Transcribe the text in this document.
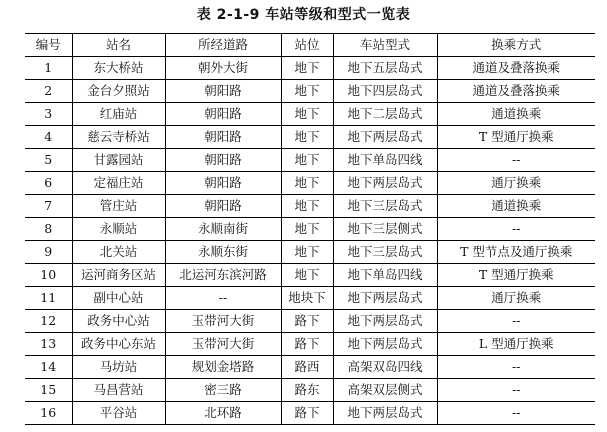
表 2-1-9 车站等级和型式一览表
编号	站名	所经道路	站位	车站型式	换乘方式
1	东大桥站	朝外大街	地下	地下五层岛式	通道及叠落换乘
2	金台夕照站	朝阳路	地下	地下四层岛式	通道及叠落换乘
3	红庙站	朝阳路	地下	地下二层岛式	通道换乘
4	慈云寺桥站	朝阳路	地下	地下两层岛式	T 型通厅换乘
5	甘露园站	朝阳路	地下	地下单岛四线	--
6	定福庄站	朝阳路	地下	地下两层岛式	通厅换乘
7	管庄站	朝阳路	地下	地下三层岛式	通道换乘
8	永顺站	永顺南街	地下	地下三层侧式	--
9	北关站	永顺东街	地下	地下三层岛式	T 型节点及通厅换乘
10	运河商务区站	北运河东滨河路	地下	地下单岛四线	T 型通厅换乘
11	副中心站	--	地块下	地下两层岛式	通厅换乘
12	政务中心站	玉带河大街	路下	地下两层岛式	--
13	政务中心东站	玉带河大街	路下	地下两层岛式	L 型通厅换乘
14	马坊站	规划金塔路	路西	高架双岛四线	--
15	马昌营站	密三路	路东	高架双层侧式	--
16	平谷站	北环路	路下	地下两层岛式	--
